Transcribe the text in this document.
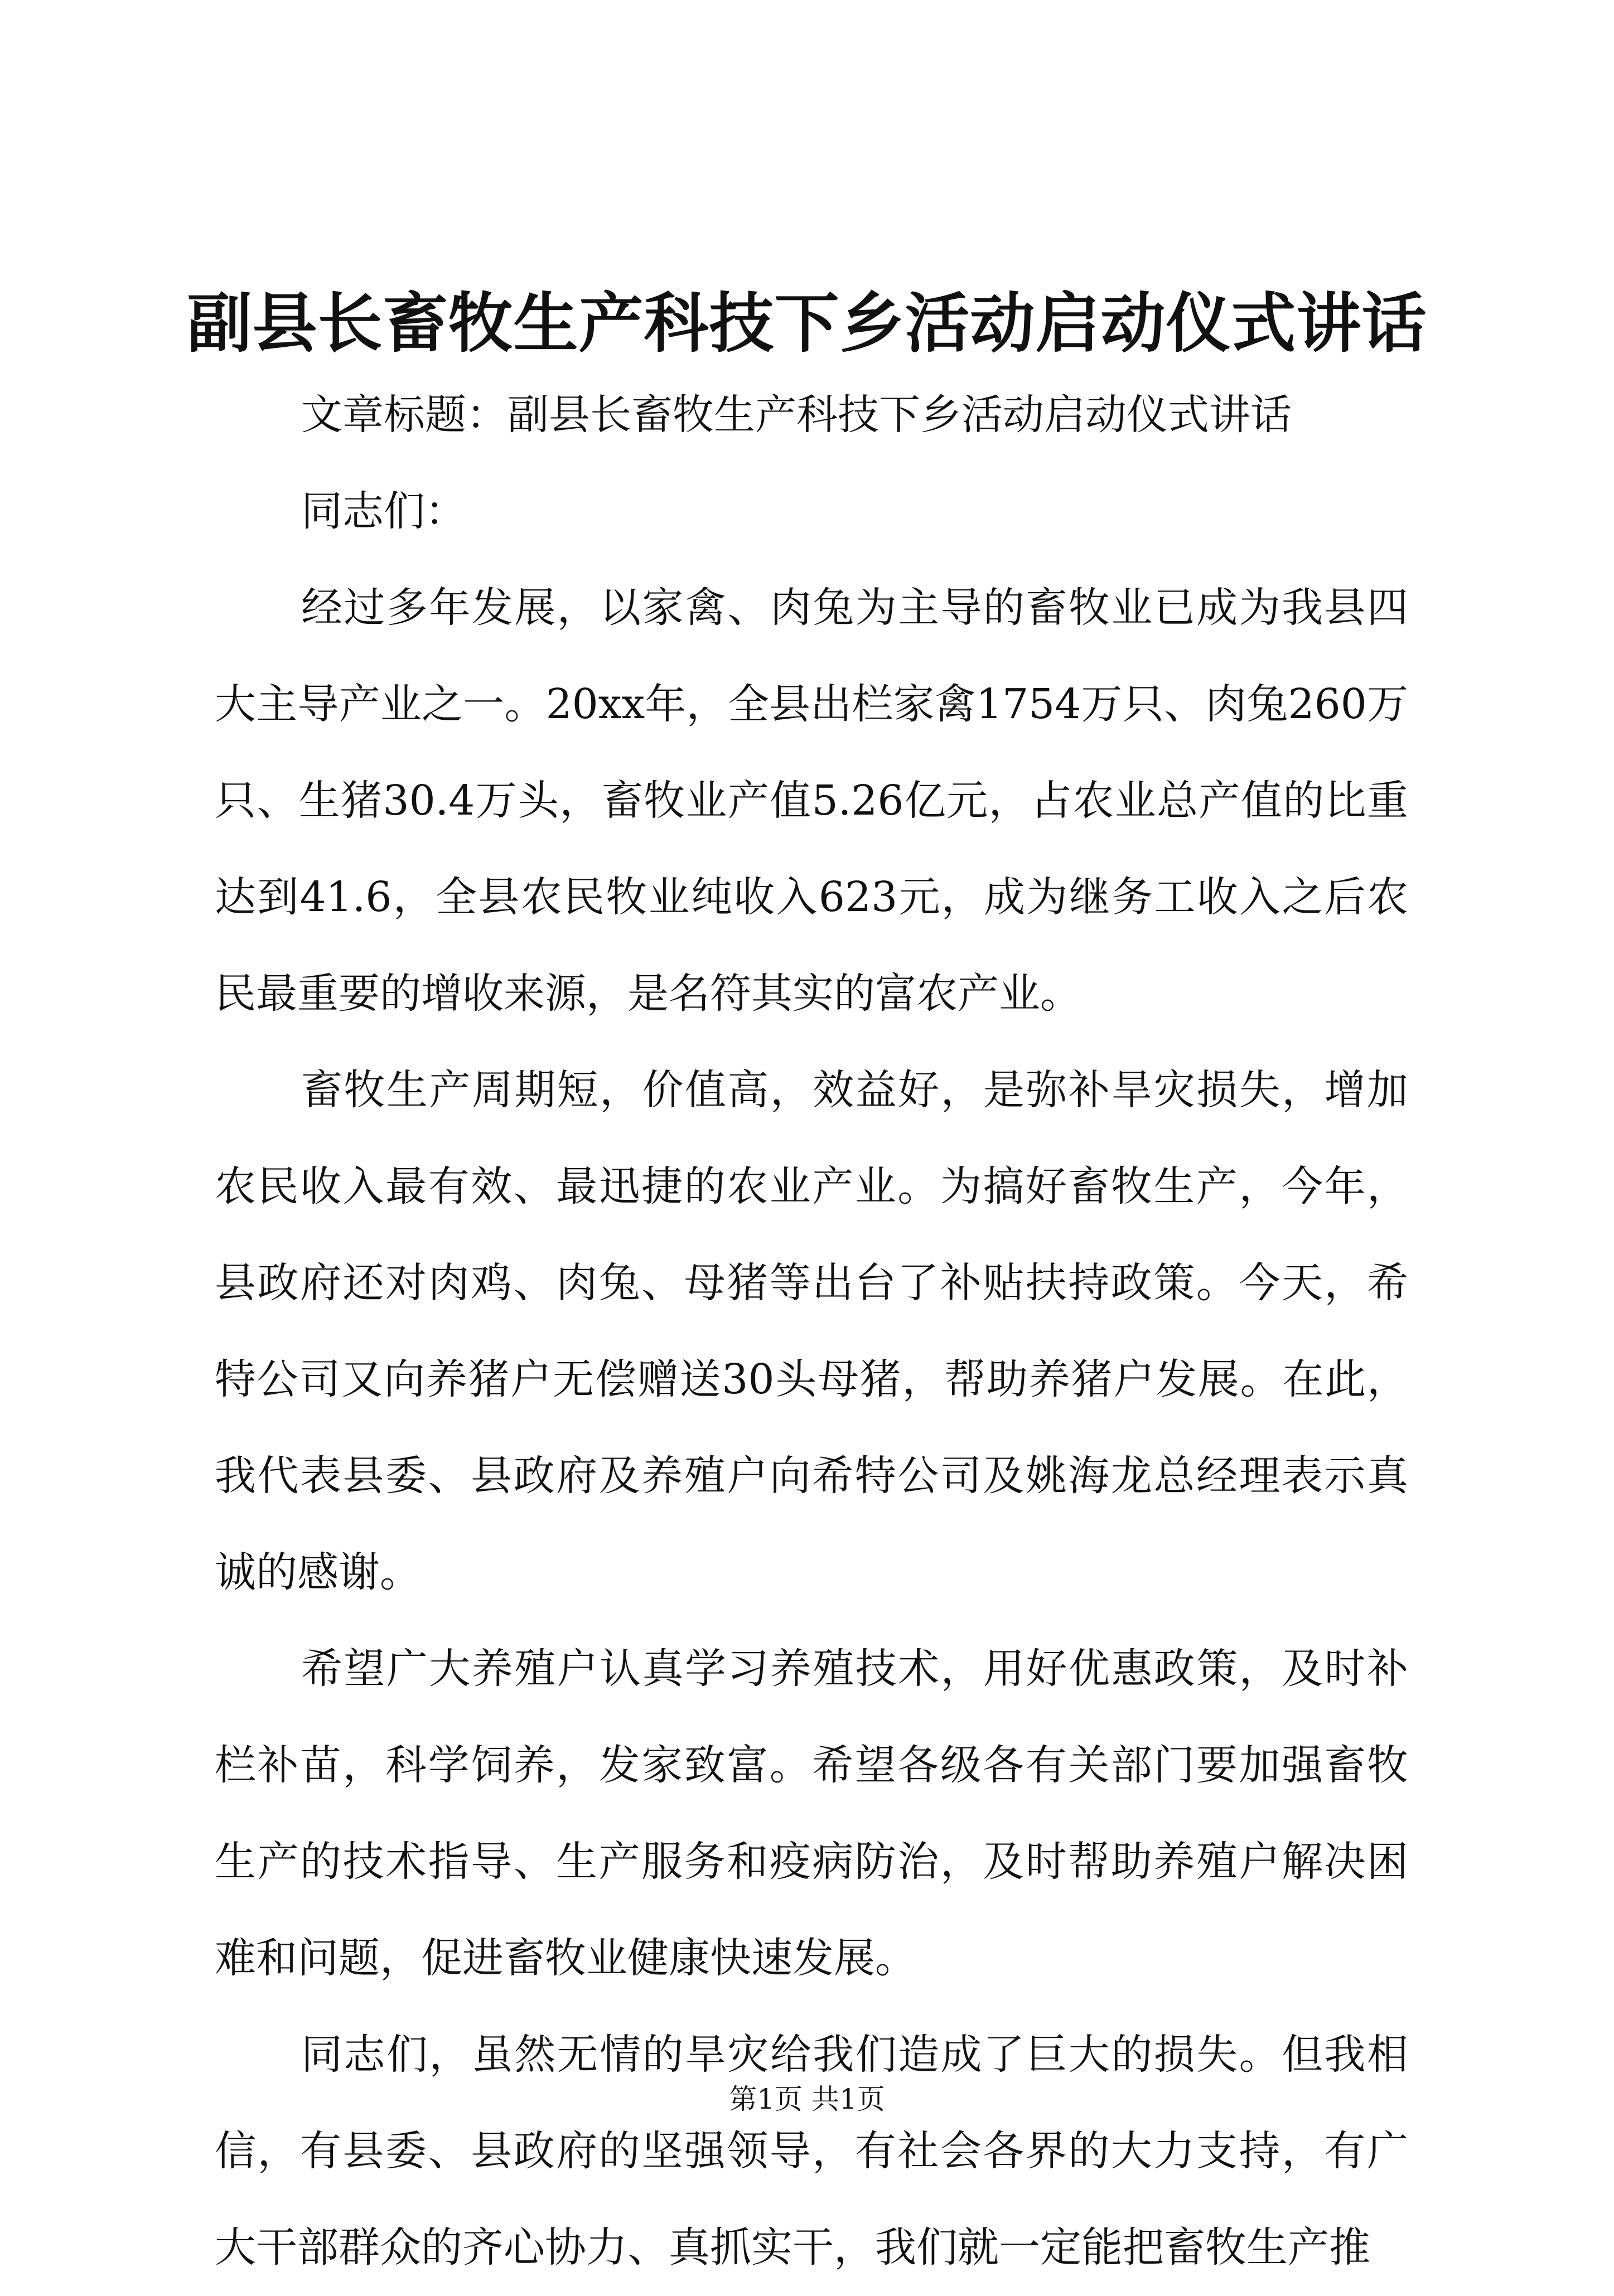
副县长畜牧生产科技下乡活动启动仪式讲话

文章标题：副县长畜牧生产科技下乡活动启动仪式讲话

同志们：

经过多年发展，以家禽、肉兔为主导的畜牧业已成为我县四大主导产业之一。20xx年，全县出栏家禽1754万只、肉兔260万只、生猪30.4万头，畜牧业产值5.26亿元，占农业总产值的比重达到41.6，全县农民牧业纯收入623元，成为继务工收入之后农民最重要的增收来源，是名符其实的富农产业。

畜牧生产周期短，价值高，效益好，是弥补旱灾损失，增加农民收入最有效、最迅捷的农业产业。为搞好畜牧生产，今年，县政府还对肉鸡、肉兔、母猪等出台了补贴扶持政策。今天，希特公司又向养猪户无偿赠送30头母猪，帮助养猪户发展。在此，我代表县委、县政府及养殖户向希特公司及姚海龙总经理表示真诚的感谢。

希望广大养殖户认真学习养殖技术，用好优惠政策，及时补栏补苗，科学饲养，发家致富。希望各级各有关部门要加强畜牧生产的技术指导、生产服务和疫病防治，及时帮助养殖户解决困难和问题，促进畜牧业健康快速发展。

同志们，虽然无情的旱灾给我们造成了巨大的损失。但我相信，有县委、县政府的坚强领导，有社会各界的大力支持，有广大干部群众的齐心协力、真抓实干，我们就一定能把畜牧生产推

第1页 共1页
